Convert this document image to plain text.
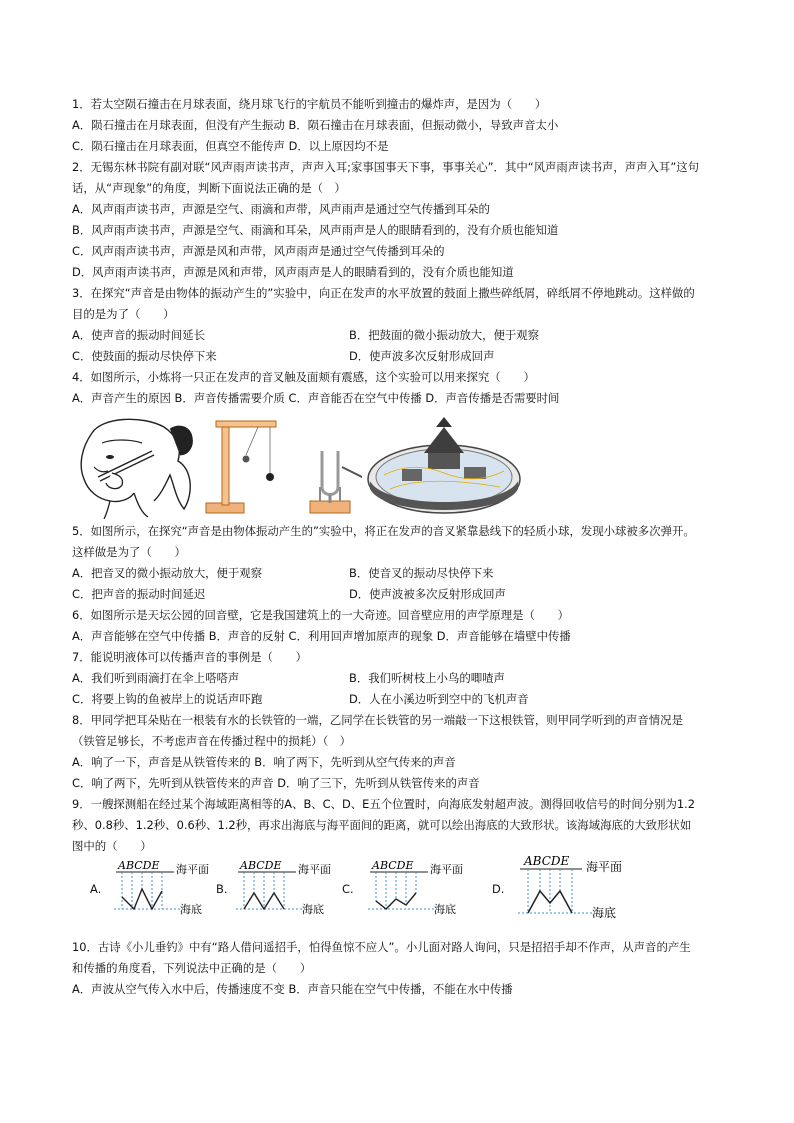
1．若太空陨石撞击在月球表面，绕月球飞行的宇航员不能听到撞击的爆炸声，是因为（　　）
A．陨石撞击在月球表面，但没有产生振动 B．陨石撞击在月球表面，但振动微小，导致声音太小
C．陨石撞击在月球表面，但真空不能传声 D．以上原因均不是
2．无锡东林书院有副对联“风声雨声读书声，声声入耳;家事国事天下事，事事关心”．其中“风声雨声读书声，声声入耳”这句
话，从“声现象”的角度，判断下面说法正确的是（　）
A．风声雨声读书声，声源是空气、雨滴和声带，风声雨声是通过空气传播到耳朵的
B．风声雨声读书声，声源是空气、雨滴和耳朵，风声雨声是人的眼睛看到的，没有介质也能知道
C．风声雨声读书声，声源是风和声带，风声雨声是通过空气传播到耳朵的
D．风声雨声读书声，声源是风和声带，风声雨声是人的眼睛看到的，没有介质也能知道
3．在探究“声音是由物体的振动产生的”实验中，向正在发声的水平放置的鼓面上撒些碎纸屑，碎纸屑不停地跳动。这样做的
目的是为了（　　）
A．使声音的振动时间延长	B．把鼓面的微小振动放大，便于观察
C．使鼓面的振动尽快停下来	D．使声波多次反射形成回声
4．如图所示，小炼将一只正在发声的音叉触及面颊有震感，这个实验可以用来探究（　　）
A．声音产生的原因 B．声音传播需要介质 C．声音能否在空气中传播 D．声音传播是否需要时间
5．如图所示，在探究“声音是由物体振动产生的”实验中，将正在发声的音叉紧靠悬线下的轻质小球，发现小球被多次弹开。
这样做是为了（　　）
A．把音叉的微小振动放大，便于观察	B．使音叉的振动尽快停下来
C．把声音的振动时间延迟	D．使声波被多次反射形成回声
6．如图所示是天坛公园的回音壁，它是我国建筑上的一大奇迹。回音壁应用的声学原理是（　　）
A．声音能够在空气中传播 B．声音的反射 C．利用回声增加原声的现象 D．声音能够在墙壁中传播
7．能说明液体可以传播声音的事例是（　　）
A．我们听到雨滴打在伞上嗒嗒声	B．我们听树枝上小鸟的唧喳声
C．将要上钩的鱼被岸上的说话声吓跑	D．人在小溪边听到空中的飞机声音
8．甲同学把耳朵贴在一根装有水的长铁管的一端，乙同学在长铁管的另一端敲一下这根铁管，则甲同学听到的声音情况是
（铁管足够长，不考虑声音在传播过程中的损耗）（　）
A．响了一下，声音是从铁管传来的 B．响了两下，先听到从空气传来的声音
C．响了两下，先听到从铁管传来的声音 D．响了三下，先听到从铁管传来的声音
9．一艘探测船在经过某个海域距离相等的A、B、C、D、E五个位置时，向海底发射超声波。测得回收信号的时间分别为1.2
秒、0.8秒、1.2秒、0.6秒、1.2秒，再求出海底与海平面间的距离，就可以绘出海底的大致形状。该海域海底的大致形状如
图中的（　　）
A.
ABCDE 海平面
海底
B.
ABCDE 海平面
海底
C.
ABCDE 海平面
海底
D.
ABCDE 海平面
海底
10．古诗《小儿垂钓》中有“路人借问遥招手，怕得鱼惊不应人”。小儿面对路人询问，只是招招手却不作声，从声音的产生
和传播的角度看，下列说法中正确的是（　　）
A．声波从空气传入水中后，传播速度不变 B．声音只能在空气中传播，不能在水中传播
